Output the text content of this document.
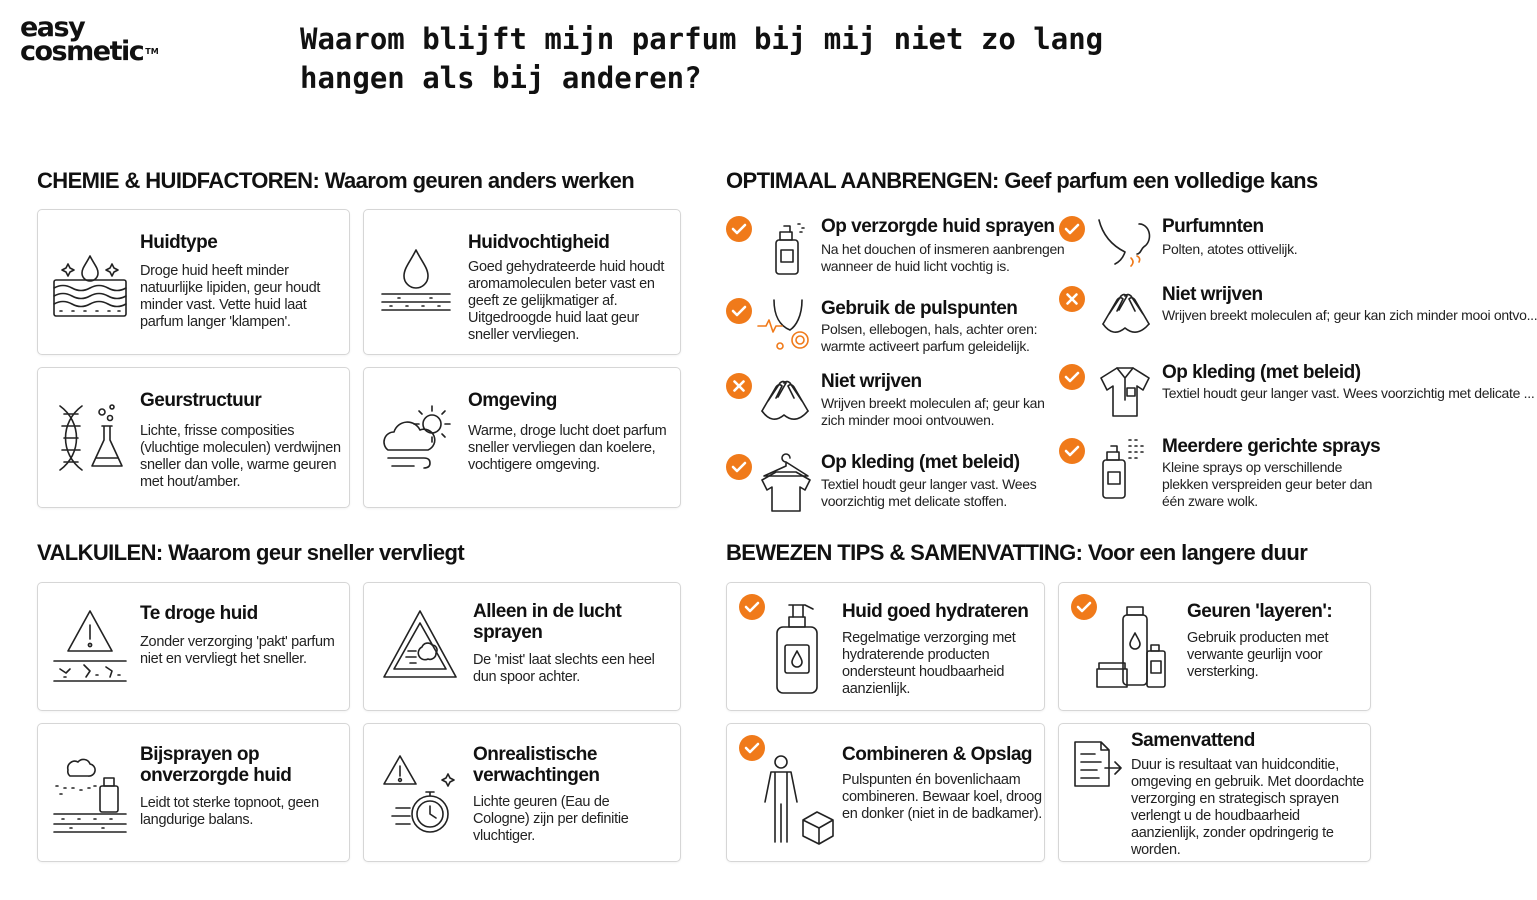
easy
cosmetic ™	Waarom blijft mijn parfum bij mij niet zo lang hangen als bij anderen?
CHEMIE & HUIDFACTOREN: Waarom geuren anders werken
Huidtype

Droge huid heeft minder natuurlijke lipiden, geur houdt minder vast. Vette huid laat parfum langer 'klampen'.

Huidvochtigheid

Goed gehydrateerde huid houdt aromamoleculen beter vast en geeft ze gelijkmatiger af. Uitgedroogde huid laat geur sneller vervliegen.

Geurstructuur

Lichte, frisse composities (vluchtige moleculen) verdwijnen sneller dan volle, warme geuren met hout/amber.

Omgeving

Warme, droge lucht doet parfum sneller vervliegen dan koelere, vochtigere omgeving.

OPTIMAAL AANBRENGEN: Geef parfum een volledige kans
Op verzorgde huid sprayen

Na het douchen of insmeren aanbrengen wanneer de huid licht vochtig is.

Purfumnten

Polten, atotes ottivelijk.

Gebruik de pulspunten

Polsen, ellebogen, hals, achter oren: warmte activeert parfum geleidelijk.

Niet wrijven

Wrijven breekt moleculen af; geur kan zich minder mooi ontvo...

Niet wrijven

Wrijven breekt moleculen af; geur kan zich minder mooi ontvouwen.

Op kleding (met beleid)

Textiel houdt geur langer vast. Wees voorzichtig met delicate ...

Op kleding (met beleid)

Textiel houdt geur langer vast. Wees voorzichtig met delicate stoffen.

Meerdere gerichte sprays

Kleine sprays op verschillende plekken verspreiden geur beter dan één zware wolk.

VALKUILEN: Waarom geur sneller vervliegt
Te droge huid

Zonder verzorging 'pakt' parfum niet en vervliegt het sneller.

Alleen in de lucht sprayen

De 'mist' laat slechts een heel dun spoor achter.

Bijsprayen op onverzorgde huid

Leidt tot sterke topnoot, geen langdurige balans.

Onrealistische verwachtingen

Lichte geuren (Eau de Cologne) zijn per definitie vluchtiger.

BEWEZEN TIPS & SAMENVATTING: Voor een langere duur
Huid goed hydrateren

Regelmatige verzorging met hydraterende producten ondersteunt houdbaarheid aanzienlijk.

Geuren 'layeren':

Gebruik producten met verwante geurlijn voor versterking.

Combineren & Opslag

Pulspunten én bovenlichaam combineren. Bewaar koel, droog en donker (niet in de badkamer).

Samenvattend

Duur is resultaat van huidconditie, omgeving en gebruik. Met doordachte verzorging en strategisch sprayen verlengt u de houdbaarheid aanzienlijk, zonder opdringerig te worden.
